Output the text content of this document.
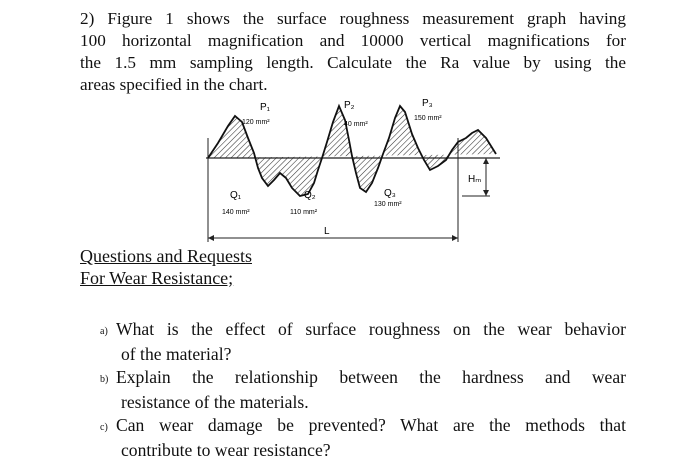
2) Figure 1 shows the surface roughness measurement graph having
100 horizontal magnification and 10000 vertical magnifications for
the 1.5 mm sampling length. Calculate the Ra value by using the
areas specified in the chart.
P₁
120 mm²
P₂
40 mm²
P₃
150 mm²
Q₁
140 mm²
Q₂
110 mm²
Q₃
130 mm²
L
Hₘ
Questions and Requests
For Wear Resistance;
a) What is the effect of surface roughness on the wear behavior
of the material?
b) Explain the relationship between the hardness and wear
resistance of the materials.
c) Can wear damage be prevented? What are the methods that
contribute to wear resistance?
